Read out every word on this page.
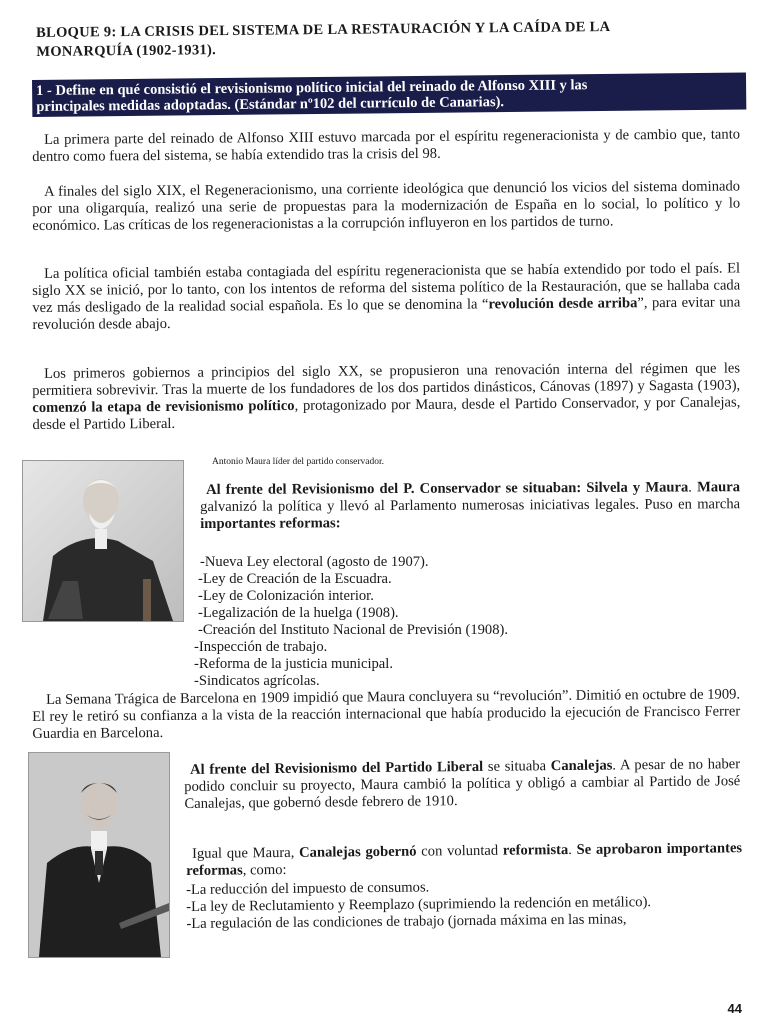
BLOQUE 9: LA CRISIS DEL SISTEMA DE LA RESTAURACIÓN Y LA CAÍDA DE LA
MONARQUÍA (1902-1931).
1 - Define en qué consistió el revisionismo político inicial del reinado de Alfonso XIII y las
principales medidas adoptadas. (Estándar nº102 del currículo de Canarias).

La primera parte del reinado de Alfonso XIII estuvo marcada por el espíritu regeneracionista y de cambio que, tanto dentro como fuera del sistema, se había extendido tras la crisis del 98.

A finales del siglo XIX, el Regeneracionismo, una corriente ideológica que denunció los vicios del sistema dominado por una oligarquía, realizó una serie de propuestas para la modernización de España en lo social, lo político y lo económico. Las críticas de los regeneracionistas a la corrupción influyeron en los partidos de turno.

La política oficial también estaba contagiada del espíritu regeneracionista que se había extendido por todo el país. El siglo XX se inició, por lo tanto, con los intentos de reforma del sistema político de la Restauración, que se hallaba cada vez más desligado de la realidad social española. Es lo que se denomina la “revolución desde arriba”, para evitar una revolución desde abajo.

Los primeros gobiernos a principios del siglo XX, se propusieron una renovación interna del régimen que les permitiera sobrevivir. Tras la muerte de los fundadores de los dos partidos dinásticos, Cánovas (1897) y Sagasta (1903), comenzó la etapa de revisionismo político, protagonizado por Maura, desde el Partido Conservador, y por Canalejas, desde el Partido Liberal.

Antonio Maura líder del partido conservador.
Al frente del Revisionismo del P. Conservador se situaban: Silvela y Maura. Maura galvanizó la política y llevó al Parlamento numerosas iniciativas legales. Puso en marcha importantes reformas:
-Nueva Ley electoral (agosto de 1907).
-Ley de Creación de la Escuadra.
-Ley de Colonización interior.
-Legalización de la huelga (1908).
-Creación del Instituto Nacional de Previsión (1908).
-Inspección de trabajo.
-Reforma de la justicia municipal.
-Sindicatos agrícolas.

La Semana Trágica de Barcelona en 1909 impidió que Maura concluyera su “revolución”. Dimitió en octubre de 1909. El rey le retiró su confianza a la vista de la reacción internacional que había producido la ejecución de Francisco Ferrer Guardia en Barcelona.

Al frente del Revisionismo del Partido Liberal se situaba Canalejas. A pesar de no haber podido concluir su proyecto, Maura cambió la política y obligó a cambiar al Partido de José Canalejas, que gobernó desde febrero de 1910.
Igual que Maura, Canalejas gobernó con voluntad reformista. Se aprobaron importantes reformas, como:
-La reducción del impuesto de consumos.
-La ley de Reclutamiento y Reemplazo (suprimiendo la redención en metálico).
-La regulación de las condiciones de trabajo (jornada máxima en las minas,
44
